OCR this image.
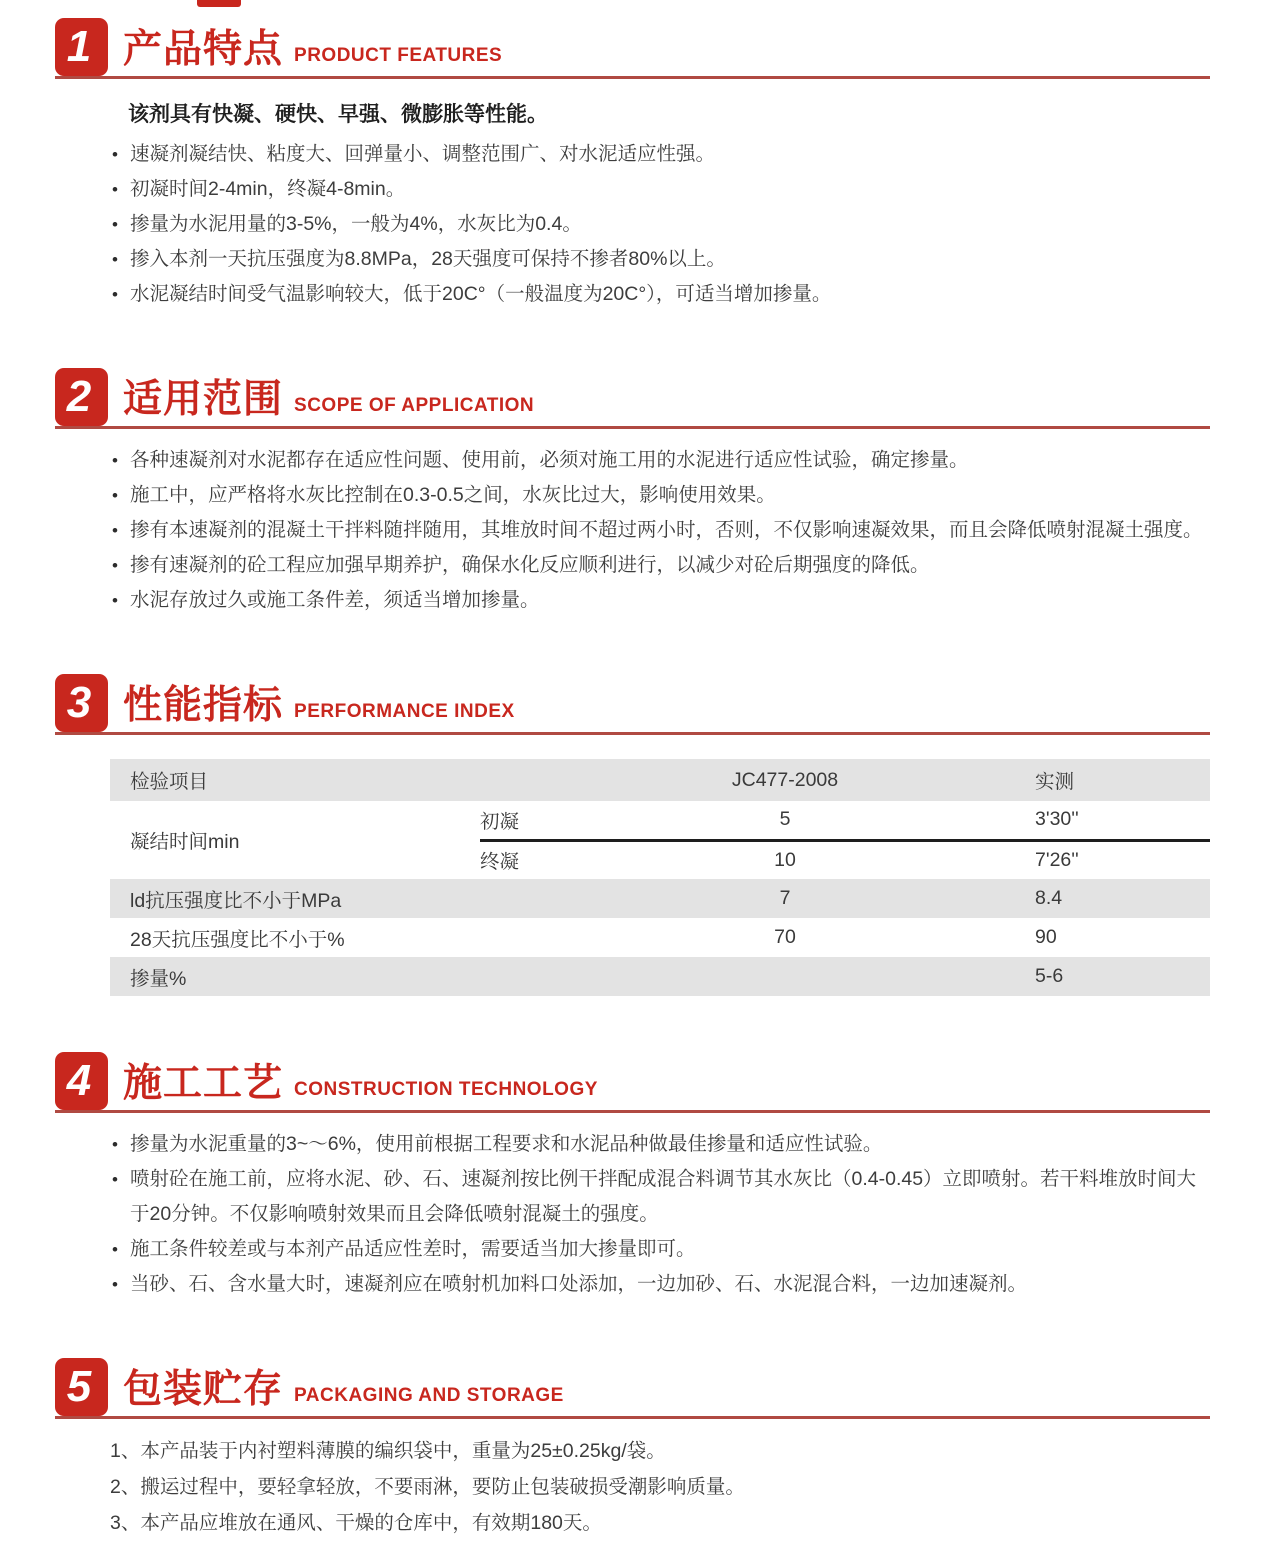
1 产品特点 PRODUCT FEATURES

该剂具有快凝、硬快、早强、微膨胀等性能。

• 速凝剂凝结快、粘度大、回弹量小、调整范围广、对水泥适应性强。
• 初凝时间2-4min，终凝4-8min。
• 掺量为水泥用量的3-5%，一般为4%，水灰比为0.4。
• 掺入本剂一天抗压强度为8.8MPa，28天强度可保持不掺者80%以上。
• 水泥凝结时间受气温影响较大，低于20C°（一般温度为20C°），可适当增加掺量。
2 适用范围 SCOPE OF APPLICATION
• 各种速凝剂对水泥都存在适应性问题、使用前，必须对施工用的水泥进行适应性试验，确定掺量。
• 施工中，应严格将水灰比控制在0.3-0.5之间，水灰比过大，影响使用效果。
• 掺有本速凝剂的混凝土干拌料随拌随用，其堆放时间不超过两小时，否则，不仅影响速凝效果，而且会降低喷射混凝土强度。
• 掺有速凝剂的砼工程应加强早期养护，确保水化反应顺利进行，以减少对砼后期强度的降低。
• 水泥存放过久或施工条件差，须适当增加掺量。
3 性能指标 PERFORMANCE INDEX
检验项目		JC477-2008	实测
凝结时间min	初凝	5	3'30''
	终凝	10	7'26''
ld抗压强度比不小于MPa		7	8.4
28天抗压强度比不小于%		70	90
掺量%			5-6
4 施工工艺 CONSTRUCTION TECHNOLOGY
• 掺量为水泥重量的3~～6%，使用前根据工程要求和水泥品种做最佳掺量和适应性试验。
• 喷射砼在施工前，应将水泥、砂、石、速凝剂按比例干拌配成混合料调节其水灰比（0.4-0.45）立即喷射。若干料堆放时间大于20分钟。不仅影响喷射效果而且会降低喷射混凝土的强度。
• 施工条件较差或与本剂产品适应性差时，需要适当加大掺量即可。
• 当砂、石、含水量大时，速凝剂应在喷射机加料口处添加，一边加砂、石、水泥混合料，一边加速凝剂。
5 包装贮存 PACKAGING AND STORAGE

1、本产品装于内衬塑料薄膜的编织袋中，重量为25±0.25kg/袋。

2、搬运过程中，要轻拿轻放，不要雨淋，要防止包装破损受潮影响质量。

3、本产品应堆放在通风、干燥的仓库中，有效期180天。
